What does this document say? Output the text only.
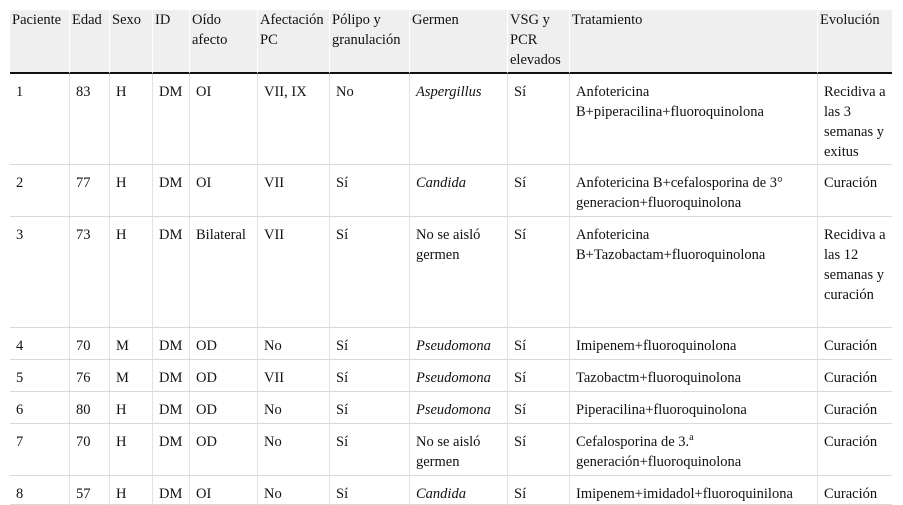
Paciente	Edad	Sexo	ID	Oído afecto	Afectación PC	Pólipo y granulación	Germen	VSG y PCR elevados	Tratamiento	Evolución
1	83	H	DM	OI	VII, IX	No	Aspergillus	Sí	Anfotericina B+piperacilina+fluoroquinolona	Recidiva a las 3 semanas y exitus
2	77	H	DM	OI	VII	Sí	Candida	Sí	Anfotericina B+cefalosporina de 3° generacion+fluoroquinolona	Curación
3	73	H	DM	Bilateral	VII	Sí	No se aisló germen	Sí	Anfotericina B+Tazobactam+fluoroquinolona	Recidiva a las 12 semanas y curación
4	70	M	DM	OD	No	Sí	Pseudomona	Sí	Imipenem+fluoroquinolona	Curación
5	76	M	DM	OD	VII	Sí	Pseudomona	Sí	Tazobactm+fluoroquinolona	Curación
6	80	H	DM	OD	No	Sí	Pseudomona	Sí	Piperacilina+fluoroquinolona	Curación
7	70	H	DM	OD	No	Sí	No se aisló germen	Sí	Cefalosporina de 3.$^a$ generación+fluoroquinolona	Curación
8	57	H	DM	OI	No	Sí	Candida	Sí	Imipenem+imidadol+fluoroquinilona	Curación
